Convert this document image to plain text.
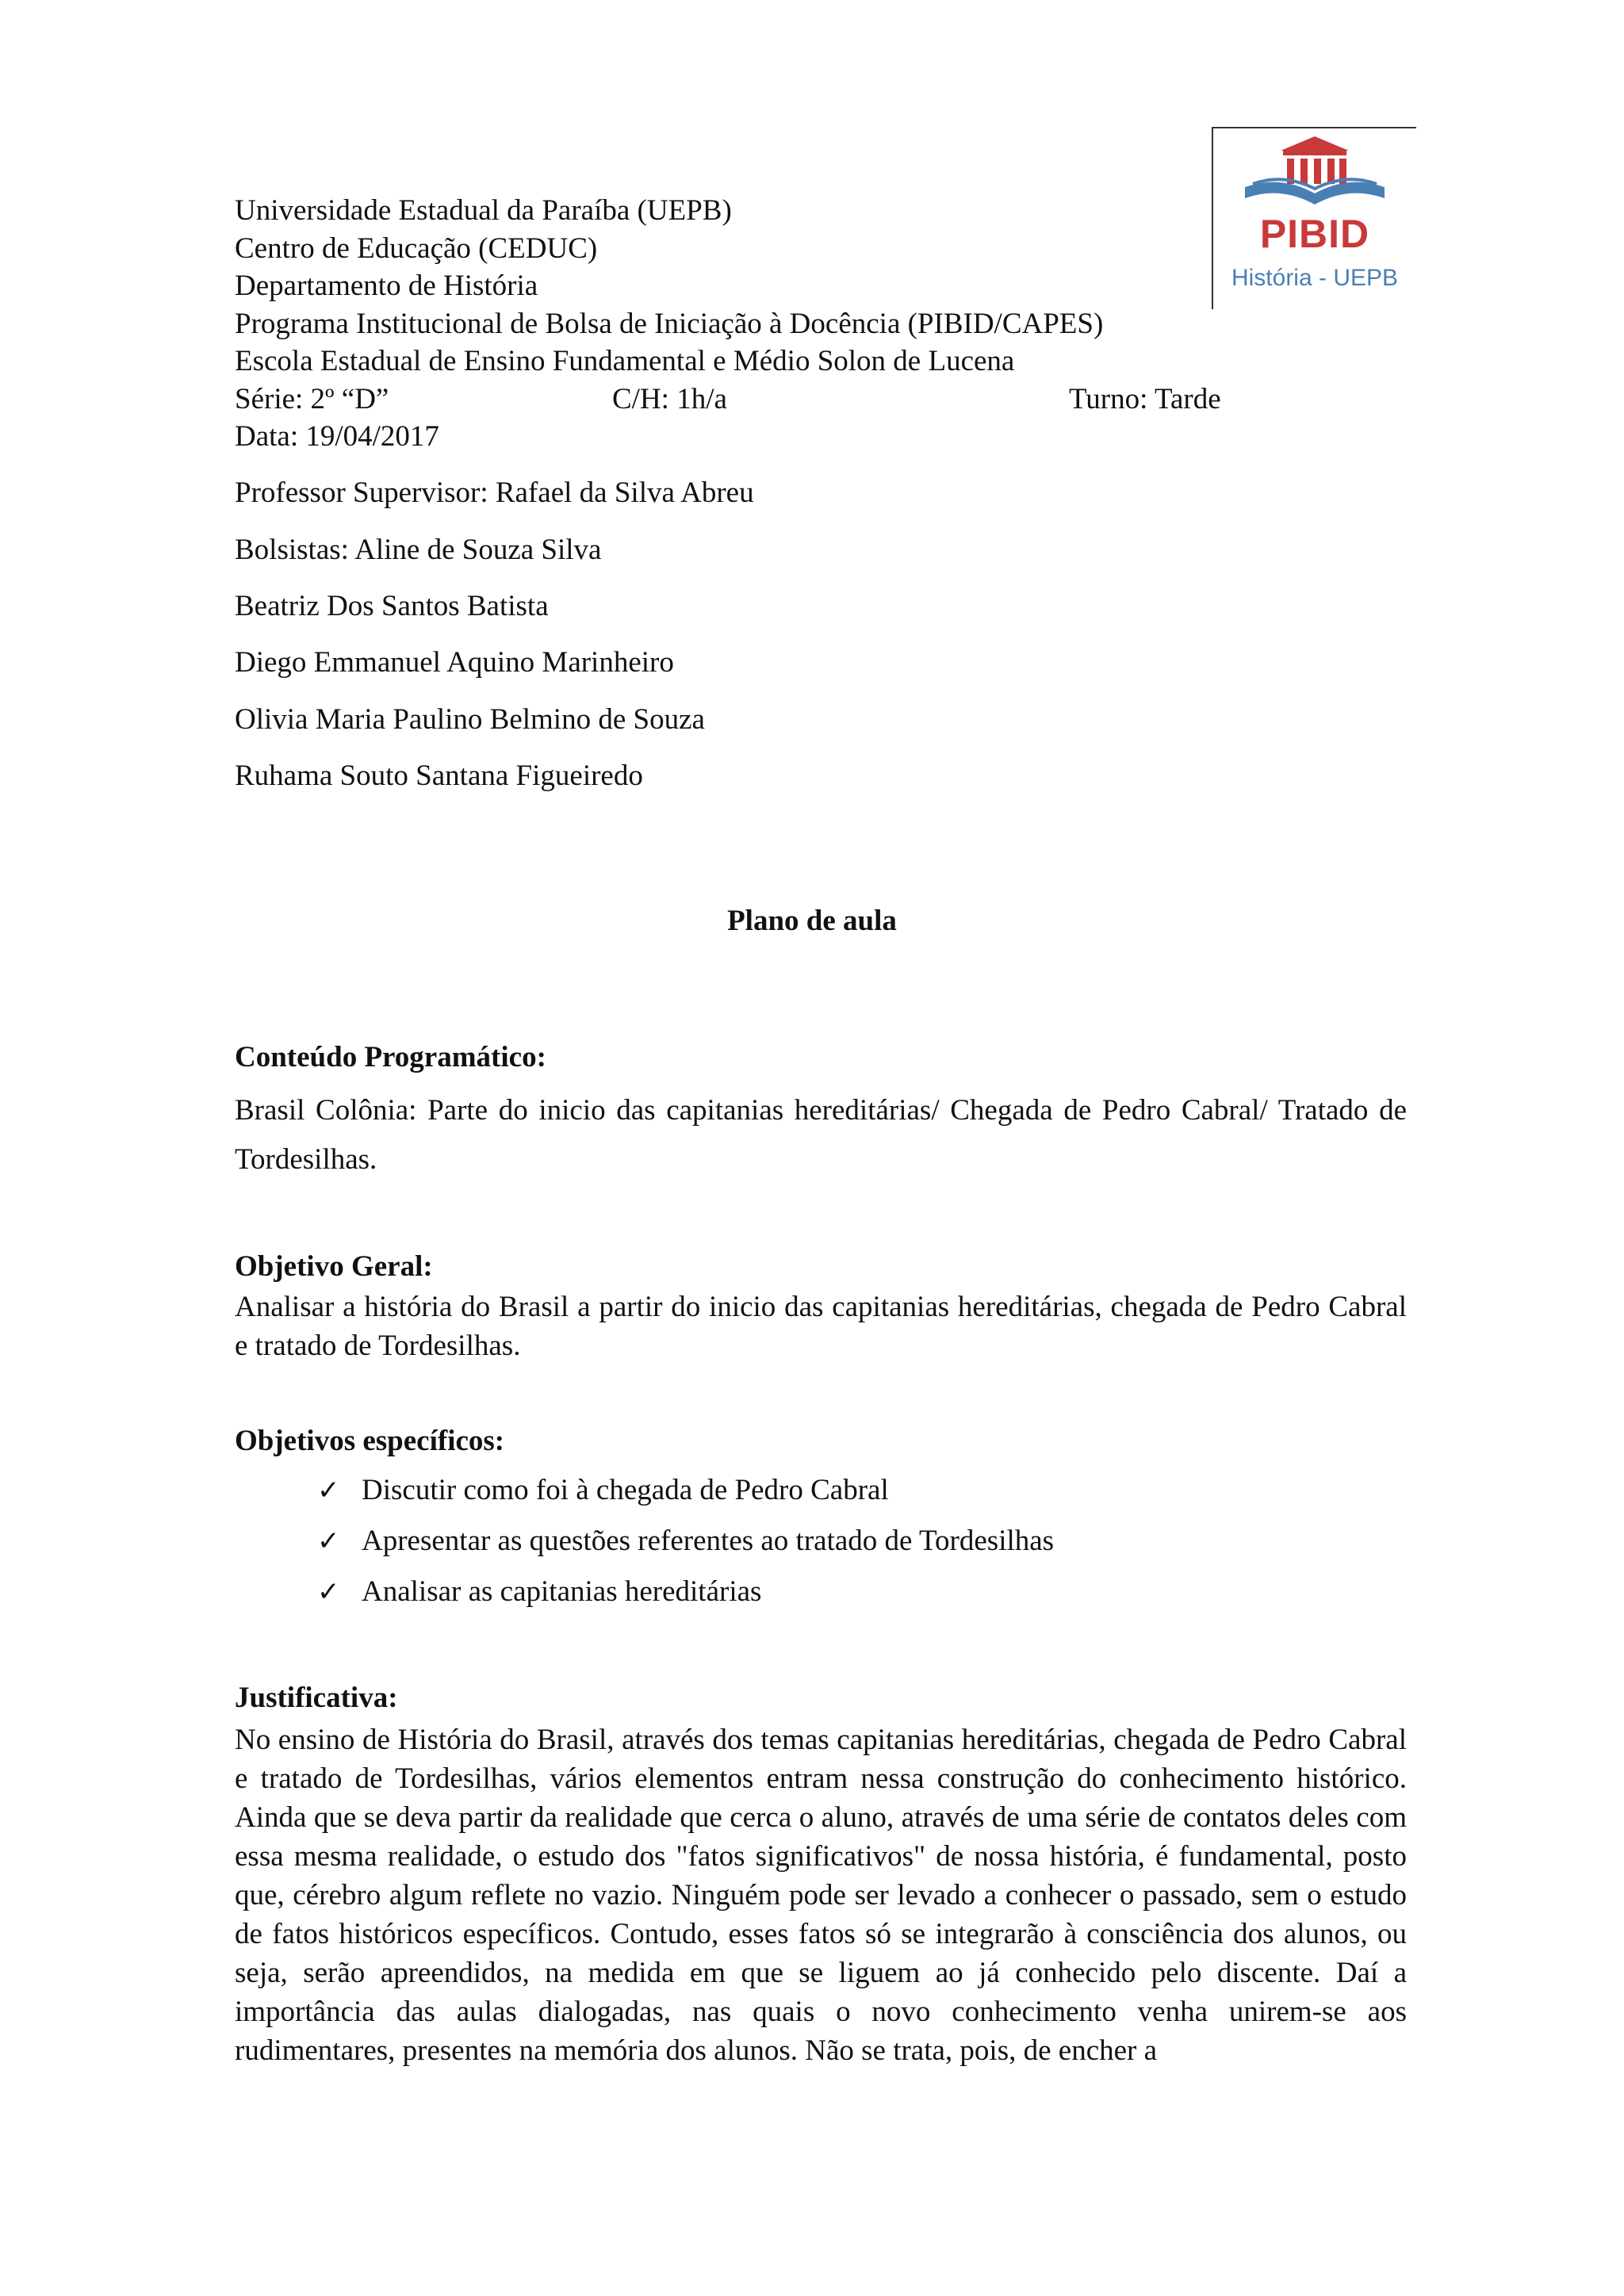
PIBID
História - UEPB
Universidade Estadual da Paraíba (UEPB)
Centro de Educação (CEDUC)
Departamento de História
Programa Institucional de Bolsa de Iniciação à Docência (PIBID/CAPES)
Escola Estadual de Ensino Fundamental e Médio Solon de Lucena
Série: 2º “D”	C/H: 1h/a	Turno: Tarde
Data: 19/04/2017
Professor Supervisor: Rafael da Silva Abreu
Bolsistas: Aline de Souza Silva
Beatriz Dos Santos Batista
Diego Emmanuel Aquino Marinheiro
Olivia Maria Paulino Belmino de Souza
Ruhama Souto Santana Figueiredo
Plano de aula
Conteúdo Programático:
Brasil Colônia: Parte do inicio das capitanias hereditárias/ Chegada de Pedro Cabral/ Tratado de Tordesilhas.
Objetivo Geral:
Analisar a história do Brasil a partir do inicio das capitanias hereditárias, chegada de Pedro Cabral e tratado de Tordesilhas.
Objetivos específicos:
✓ Discutir como foi à chegada de Pedro Cabral
✓ Apresentar as questões referentes ao tratado de Tordesilhas
✓ Analisar as capitanias hereditárias
Justificativa:
No ensino de História do Brasil, através dos temas capitanias hereditárias, chegada de Pedro Cabral e tratado de Tordesilhas, vários elementos entram nessa construção do conhecimento histórico. Ainda que se deva partir da realidade que cerca o aluno, através de uma série de contatos deles com essa mesma realidade, o estudo dos "fatos significativos" de nossa história, é fundamental, posto que, cérebro algum reflete no vazio. Ninguém pode ser levado a conhecer o passado, sem o estudo de fatos históricos específicos. Contudo, esses fatos só se integrarão à consciência dos alunos, ou seja, serão apreendidos, na medida em que se liguem ao já conhecido pelo discente. Daí a importância das aulas dialogadas, nas quais o novo conhecimento venha unirem-se aos rudimentares, presentes na memória dos alunos. Não se trata, pois, de encher a
